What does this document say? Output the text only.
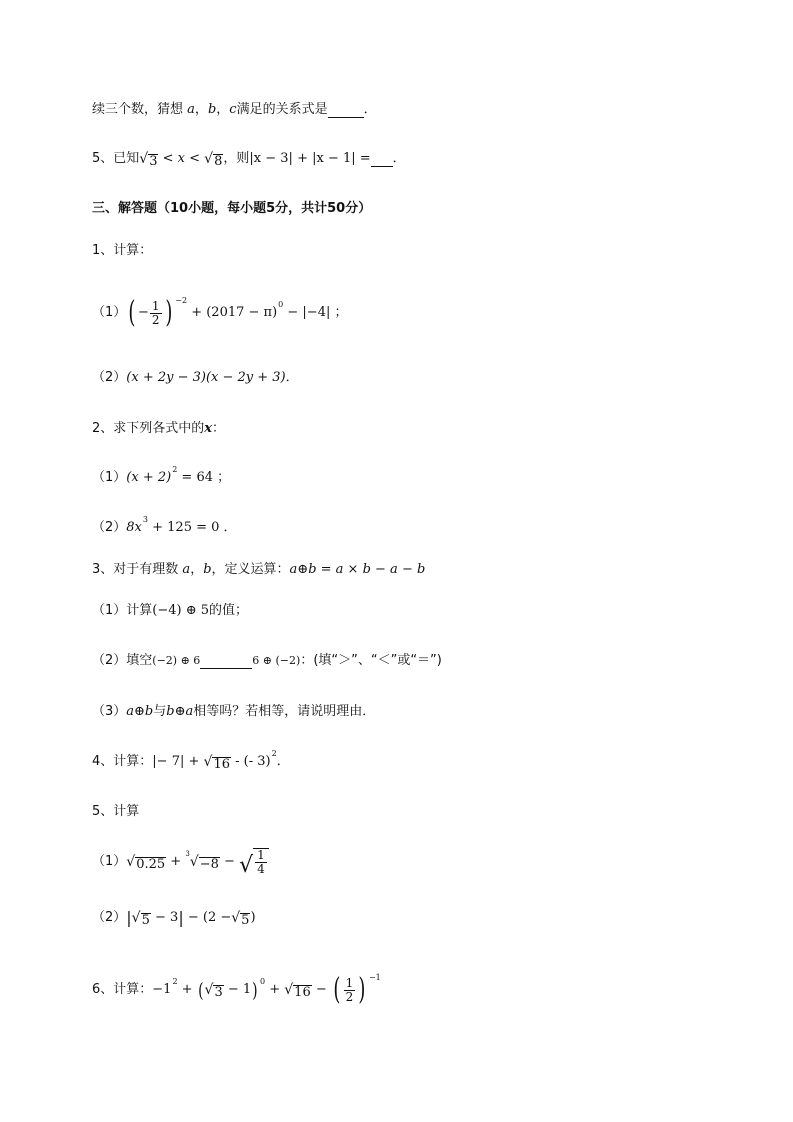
续三个数，猜想
a ， b ， c 满足的关系式是	．
5、已知 √ 3 < x < √ 8 ，则 | x − 3 | + | x − 1 | = ．
三、解答题（10小题，每小题5分，共计50分）
1、计算：
（1） ( − $\frac{1}{2}$ ) −2
+ (2017 − π)
0

− |−4| ；
（2） (x + 2y − 3)(x − 2y + 3) ．
2、求下列各式中的 x ：
（1） (x + 2)
2

= 64 ；
（2） 8x
3

+ 125 = 0 ．
3、对于有理数
a ， b ，定义运算： a⊕b = a × b − a − b
（1）计算 (−4) ⊕ 5 的值；
（2）填空 (−2) ⊕ 6	6 ⊕ (−2) ：(填“＞”、“＜”或“＝”)
（3） a⊕b 与 b⊕a 相等吗？若相等，请说明理由．
4、计算： | − 7 | + √ 16
- (- 3)
2
．
5、计算
（1） √ 0.25 + 3 √ −8 − √ $\frac{1}{4}$
（2） | √ 5
− 3 |
− (2 − √ 5 )
6、计算： −1
2
+ ( √ 3 − 1 ) 0
+ √ 16 − ( $\frac{1}{2}$ ) −1
